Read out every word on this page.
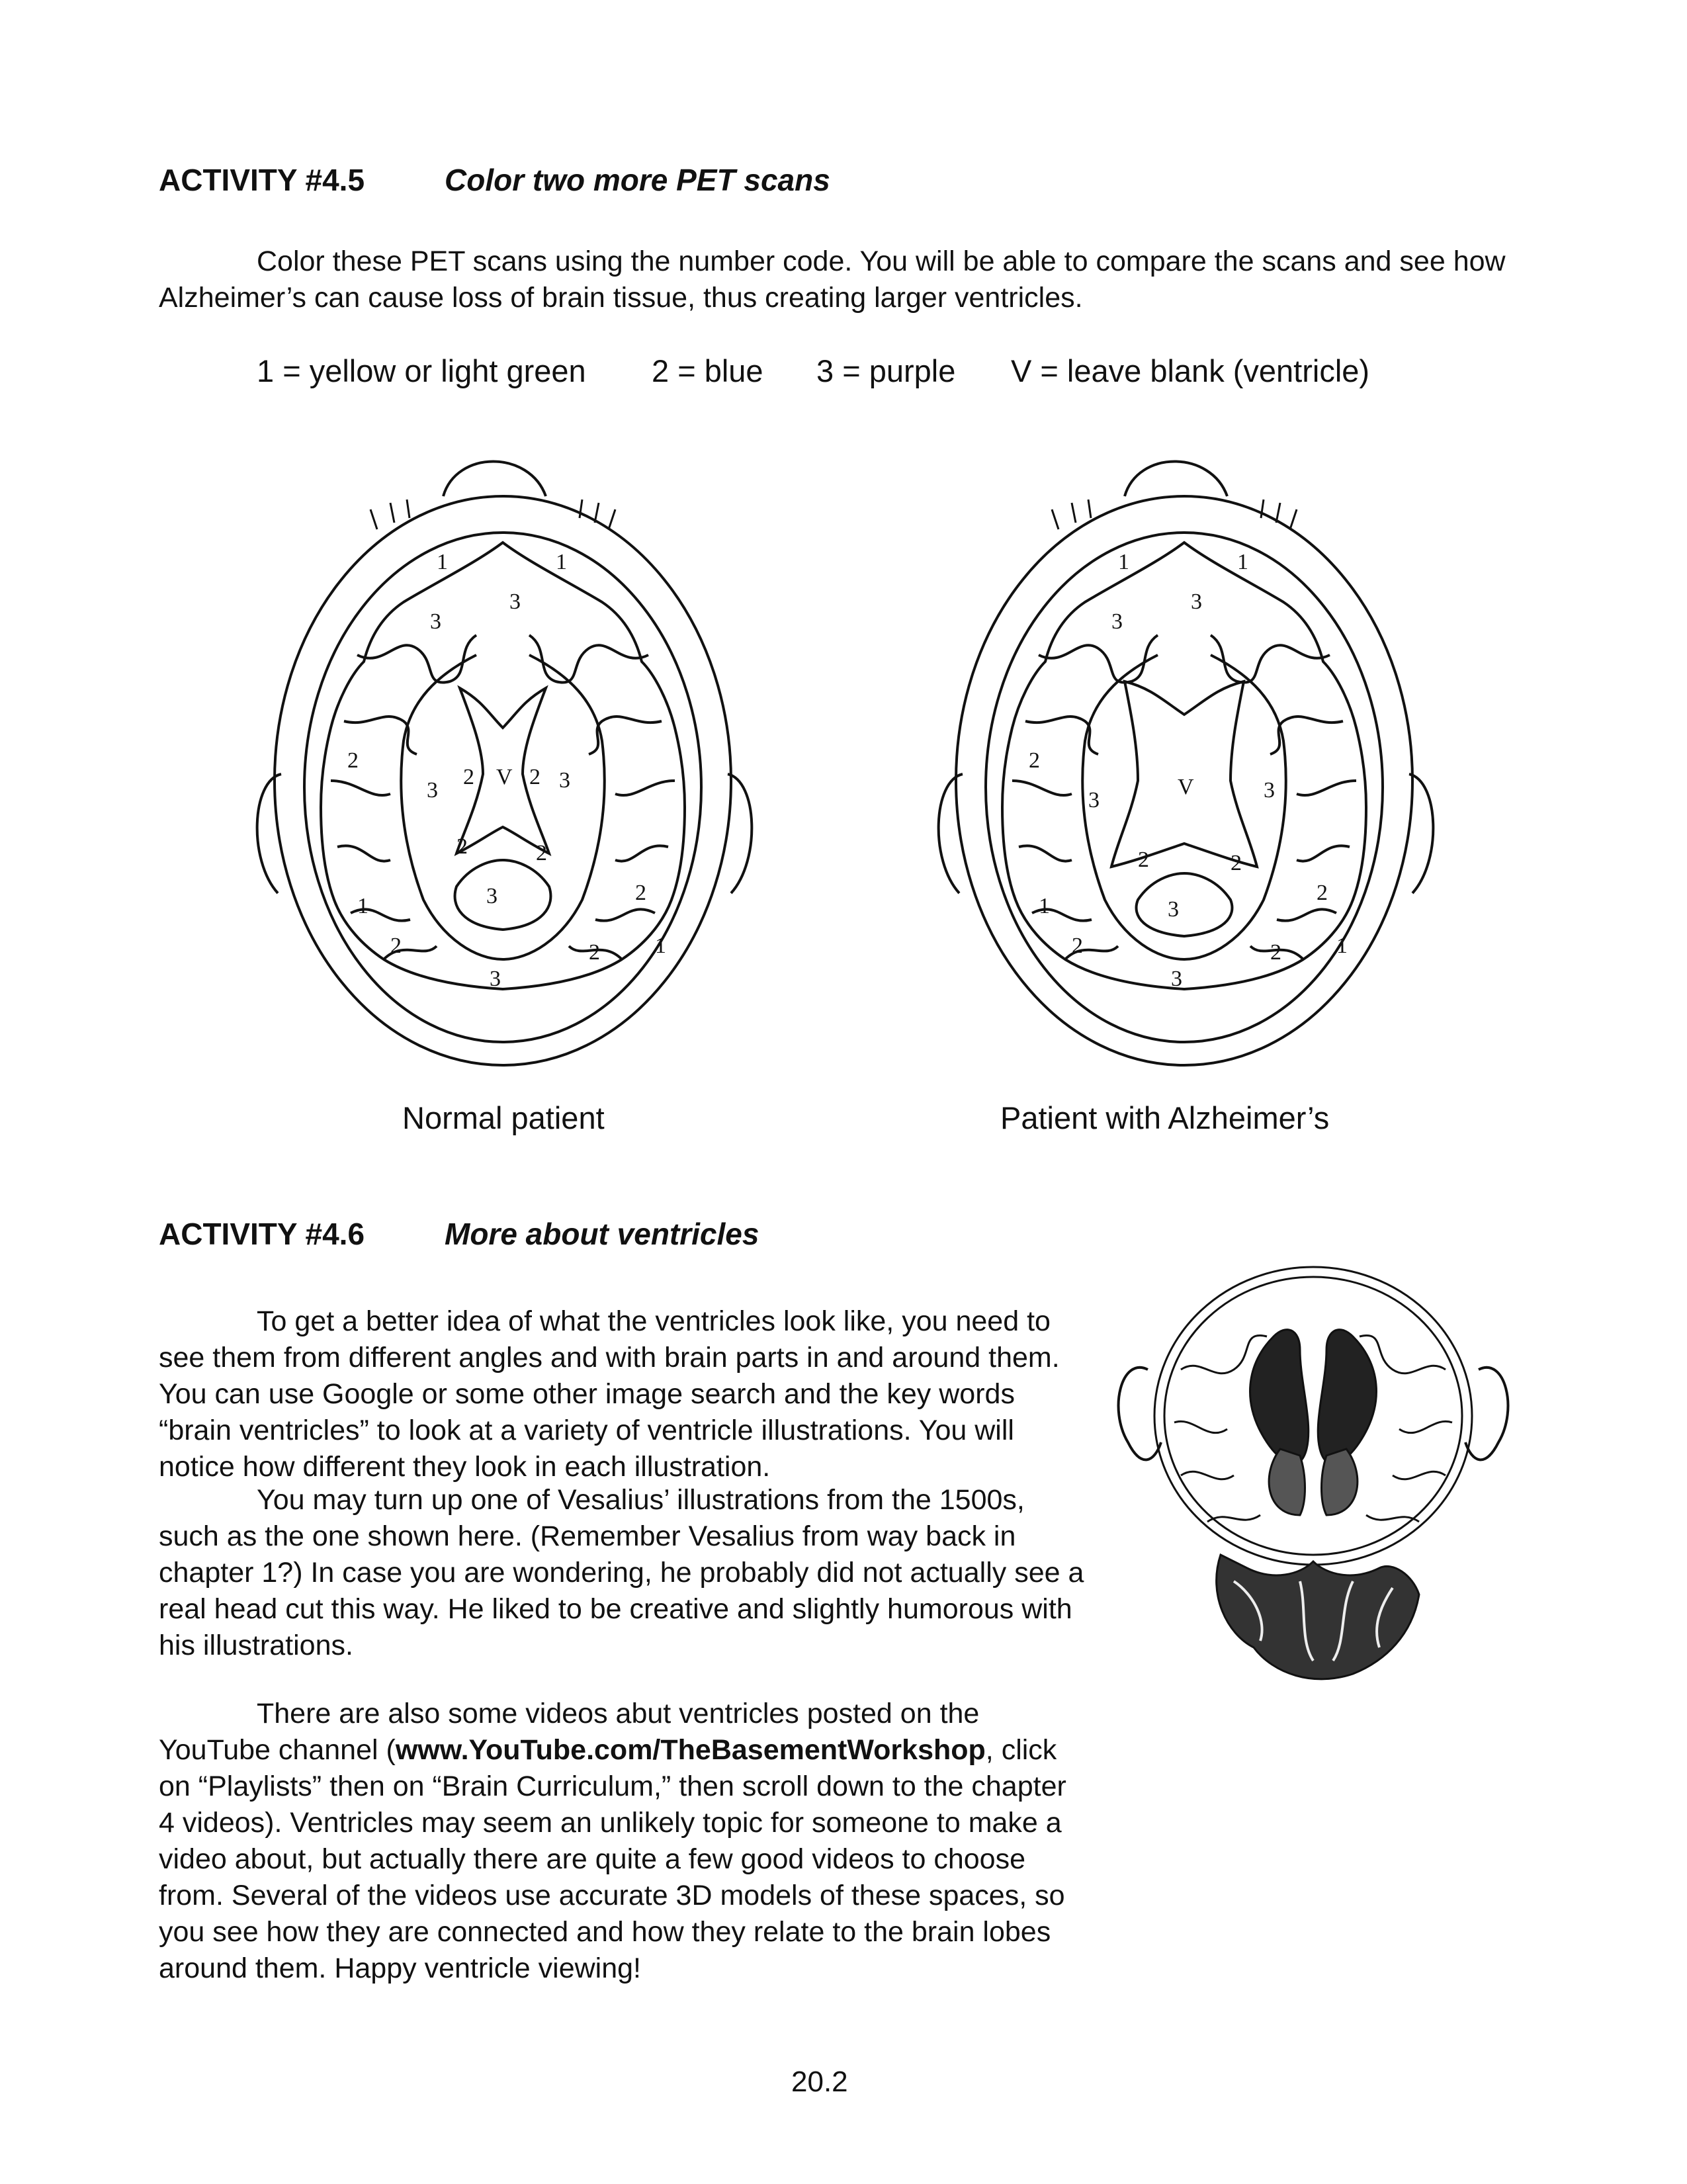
ACTIVITY #4.5	Color two more PET scans
Color these PET scans using the number code. You will be able to compare the scans and see how Alzheimer’s can cause loss of brain tissue, thus creating larger ventricles.
1 = yellow or light green 2 = blue 3 = purple V = leave blank (ventricle)
V
3	3
3
2 2
2	2
2	2
2
2
1	1
1
1
3
3
3
V
3	3
3
2	2
2	2
2
2
1	1
1
1
3
3
3
Normal patient	Patient with Alzheimer’s
ACTIVITY #4.6	More about ventricles
To get a better idea of what the ventricles look like, you need to see them from different angles and with brain parts in and around them. You can use Google or some other image search and the key words “brain ventricles” to look at a variety of ventricle illustrations. You will notice how different they look in each illustration.
You may turn up one of Vesalius’ illustrations from the 1500s, such as the one shown here. (Remember Vesalius from way back in chapter 1?) In case you are wondering, he probably did not actually see a real head cut this way. He liked to be creative and slightly humorous with his illustrations.
There are also some videos abut ventricles posted on the YouTube channel (www.YouTube.com/TheBasementWorkshop, click on “Playlists” then on “Brain Curriculum,” then scroll down to the chapter 4 videos). Ventricles may seem an unlikely topic for someone to make a video about, but actually there are quite a few good videos to choose from. Several of the videos use accurate 3D models of these spaces, so you see how they are connected and how they relate to the brain lobes around them. Happy ventricle viewing!
20.2
